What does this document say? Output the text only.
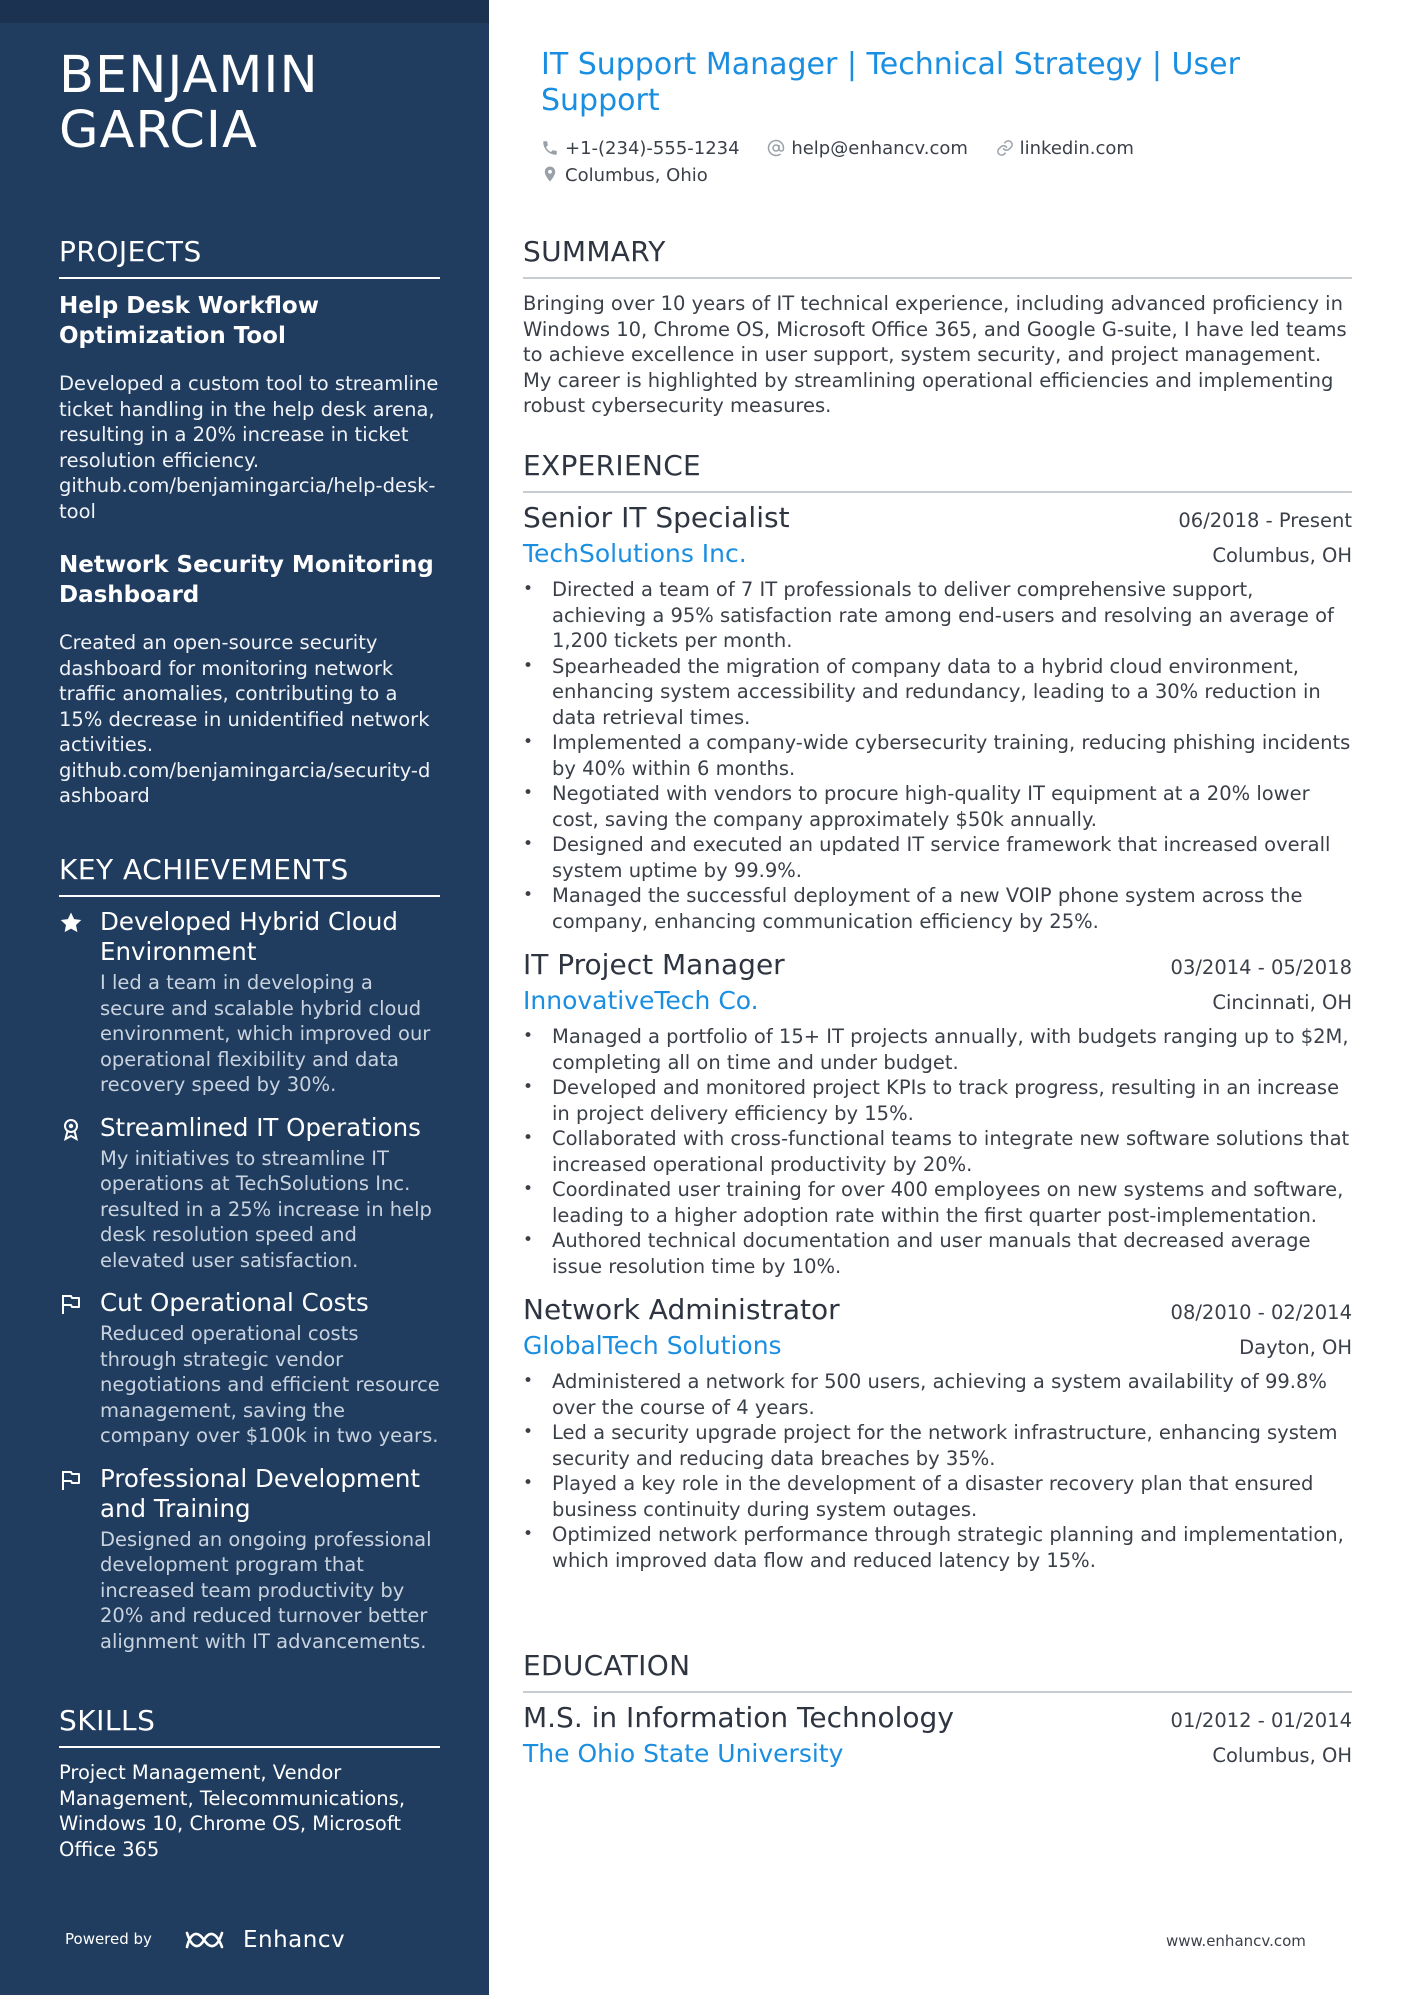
BENJAMIN GARCIA
PROJECTS
Help Desk Workflow Optimization Tool
Developed a custom tool to streamline ticket handling in the help desk arena, resulting in a 20% increase in ticket resolution efficiency.
github.com/benjamingarcia/help-desk-tool
Network Security Monitoring Dashboard
Created an open-source security dashboard for monitoring network traffic anomalies, contributing to a 15% decrease in unidentified network activities.
github.com/benjamingarcia/security-dashboard
KEY ACHIEVEMENTS
Developed Hybrid Cloud Environment
I led a team in developing a secure and scalable hybrid cloud environment, which improved our operational flexibility and data recovery speed by 30%.
Streamlined IT Operations
My initiatives to streamline IT operations at TechSolutions Inc. resulted in a 25% increase in help desk resolution speed and elevated user satisfaction.
Cut Operational Costs
Reduced operational costs through strategic vendor negotiations and efficient resource management, saving the company over $100k in two years.
Professional Development and Training
Designed an ongoing professional development program that increased team productivity by 20% and reduced turnover better alignment with IT advancements.
SKILLS
Project Management, Vendor Management, Telecommunications, Windows 10, Chrome OS, Microsoft Office 365
Powered by	Enhancv
IT Support Manager | Technical Strategy | User Support
+1-(234)-555-1234	help@enhancv.com	linkedin.com
Columbus, Ohio
SUMMARY
Bringing over 10 years of IT technical experience, including advanced proficiency in Windows 10, Chrome OS, Microsoft Office 365, and Google G-suite, I have led teams to achieve excellence in user support, system security, and project management. My career is highlighted by streamlining operational efficiencies and implementing robust cybersecurity measures.
EXPERIENCE
Senior IT Specialist	06/2018 - Present
TechSolutions Inc.	Columbus, OH
• Directed a team of 7 IT professionals to deliver comprehensive support, achieving a 95% satisfaction rate among end-users and resolving an average of 1,200 tickets per month.
• Spearheaded the migration of company data to a hybrid cloud environment, enhancing system accessibility and redundancy, leading to a 30% reduction in data retrieval times.
• Implemented a company-wide cybersecurity training, reducing phishing incidents by 40% within 6 months.
• Negotiated with vendors to procure high-quality IT equipment at a 20% lower cost, saving the company approximately $50k annually.
• Designed and executed an updated IT service framework that increased overall system uptime by 99.9%.
• Managed the successful deployment of a new VOIP phone system across the company, enhancing communication efficiency by 25%.
IT Project Manager	03/2014 - 05/2018
InnovativeTech Co.	Cincinnati, OH
• Managed a portfolio of 15+ IT projects annually, with budgets ranging up to $2M, completing all on time and under budget.
• Developed and monitored project KPIs to track progress, resulting in an increase in project delivery efficiency by 15%.
• Collaborated with cross-functional teams to integrate new software solutions that increased operational productivity by 20%.
• Coordinated user training for over 400 employees on new systems and software, leading to a higher adoption rate within the first quarter post-implementation.
• Authored technical documentation and user manuals that decreased average issue resolution time by 10%.
Network Administrator	08/2010 - 02/2014
GlobalTech Solutions	Dayton, OH
• Administered a network for 500 users, achieving a system availability of 99.8% over the course of 4 years.
• Led a security upgrade project for the network infrastructure, enhancing system security and reducing data breaches by 35%.
• Played a key role in the development of a disaster recovery plan that ensured business continuity during system outages.
• Optimized network performance through strategic planning and implementation, which improved data flow and reduced latency by 15%.
EDUCATION
M.S. in Information Technology	01/2012 - 01/2014
The Ohio State University	Columbus, OH
www.enhancv.com
